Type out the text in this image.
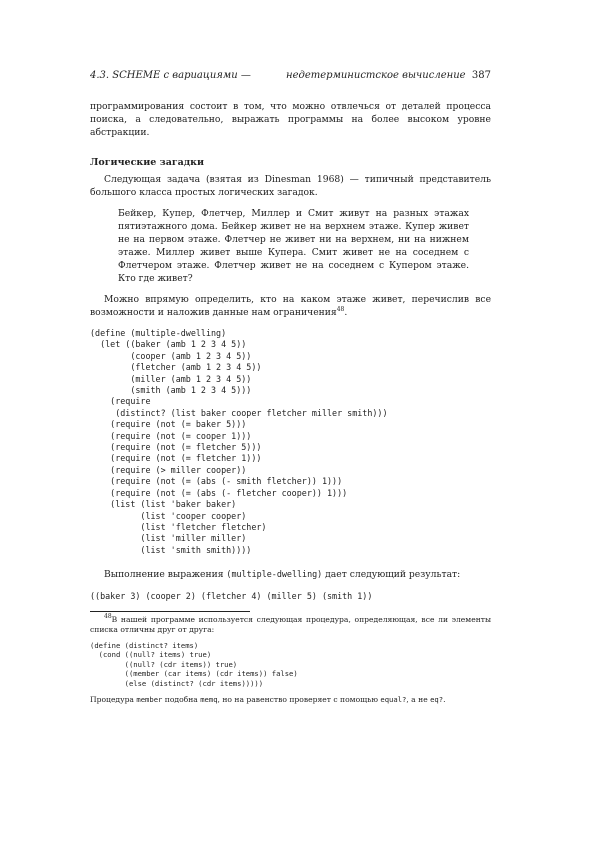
4.3. SCHEME с вариациями —	недетерминистское вычисление 387

программирования состоит в том, что можно отвлечься от деталей процесса поиска, а следовательно, выражать программы на более высоком уровне абстракции.

Логические загадки

Следующая задача (взятая из Dinesman 1968) — типичный представитель большого класса простых логических загадок.

Бейкер, Купер, Флетчер, Миллер и Смит живут на разных этажах пятиэтажного дома. Бейкер живет не на верхнем этаже. Купер живет не на первом этаже. Флетчер не живет ни на верхнем, ни на нижнем этаже. Миллер живет выше Купера. Смит живет не на соседнем с Флетчером этаже. Флетчер живет не на соседнем с Купером этаже. Кто где живет?

Можно впрямую определить, кто на каком этаже живет, перечислив все возможности и наложив данные нам ограничения$^{48}$.

(define (multiple-dwelling)
(let ((baker (amb 1 2 3 4 5))
(cooper (amb 1 2 3 4 5))
(fletcher (amb 1 2 3 4 5))
(miller (amb 1 2 3 4 5))
(smith (amb 1 2 3 4 5)))
(require
(distinct? (list baker cooper fletcher miller smith)))
(require (not (= baker 5)))
(require (not (= cooper 1)))
(require (not (= fletcher 5)))
(require (not (= fletcher 1)))
(require (> miller cooper))
(require (not (= (abs (- smith fletcher)) 1)))
(require (not (= (abs (- fletcher cooper)) 1)))
(list (list 'baker baker)
(list 'cooper cooper)
(list 'fletcher fletcher)
(list 'miller miller)
(list 'smith smith))))

Выполнение выражения (multiple-dwelling) дает следующий результат:

((baker 3) (cooper 2) (fletcher 4) (miller 5) (smith 1))

$^{48}$В нашей программе используется следующая процедура, определяющая, все ли элементы списка отличны друг от друга:

(define (distinct? items)
(cond ((null? items) true)
((null? (cdr items)) true)
((member (car items) (cdr items)) false)
(else (distinct? (cdr items)))))

Процедура member подобна memq, но на равенство проверяет с помощью equal?, а не eq?.
